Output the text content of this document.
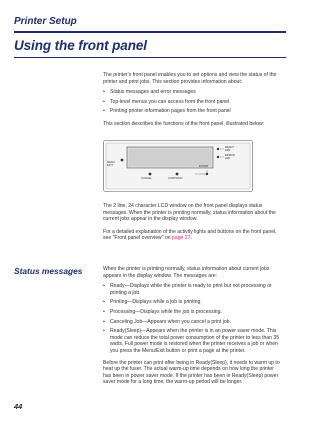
Printer Setup
Using the front panel

The printer's front panel enables you to set options and view the status of the printer and print jobs. This section provides information about:

• Status messages and error messages
• Top-level menus you can access from the front panel
• Printing printer information pages from the front panel

This section describes the functions of the front panel, illustrated below:

MENU
EXIT
READY
LED
ERROR
LED
ENTER
CANCEL	CONTRAST

The 2 line, 24 character LCD window on the front panel displays status messages. When the printer is printing normally, status information about the current jobs appear in the display window.

For a detailed explanation of the activity lights and buttons on the front panel, see "Front panel overview" on page 27.

Status messages	When the printer is printing normally, status information about current jobs appears in the display window. The messages are:

• Ready—Displays while the printer is ready to print but not processing or printing a job.
• Printing—Displays while a job is printing.
• Processing—Displays while the job is processing.
• Canceling Job—Appears when you cancel a print job.
• Ready(Sleep)—Appears when the printer is in an power saver mode. This mode can reduce the total power consumption of the printer to less than 35 watts. Full power mode is restored when the printer receives a job or when you press the Menu/Exit button or print a page at the printer.

Before the printer can print after being in Ready(Sleep), it needs to warm up to heat up the fuser. The actual warm-up time depends on how long the printer has been in power saver mode. If the printer has been in Ready(Sleep) power saver mode for a long time, the warm-up period will be longer.

44
